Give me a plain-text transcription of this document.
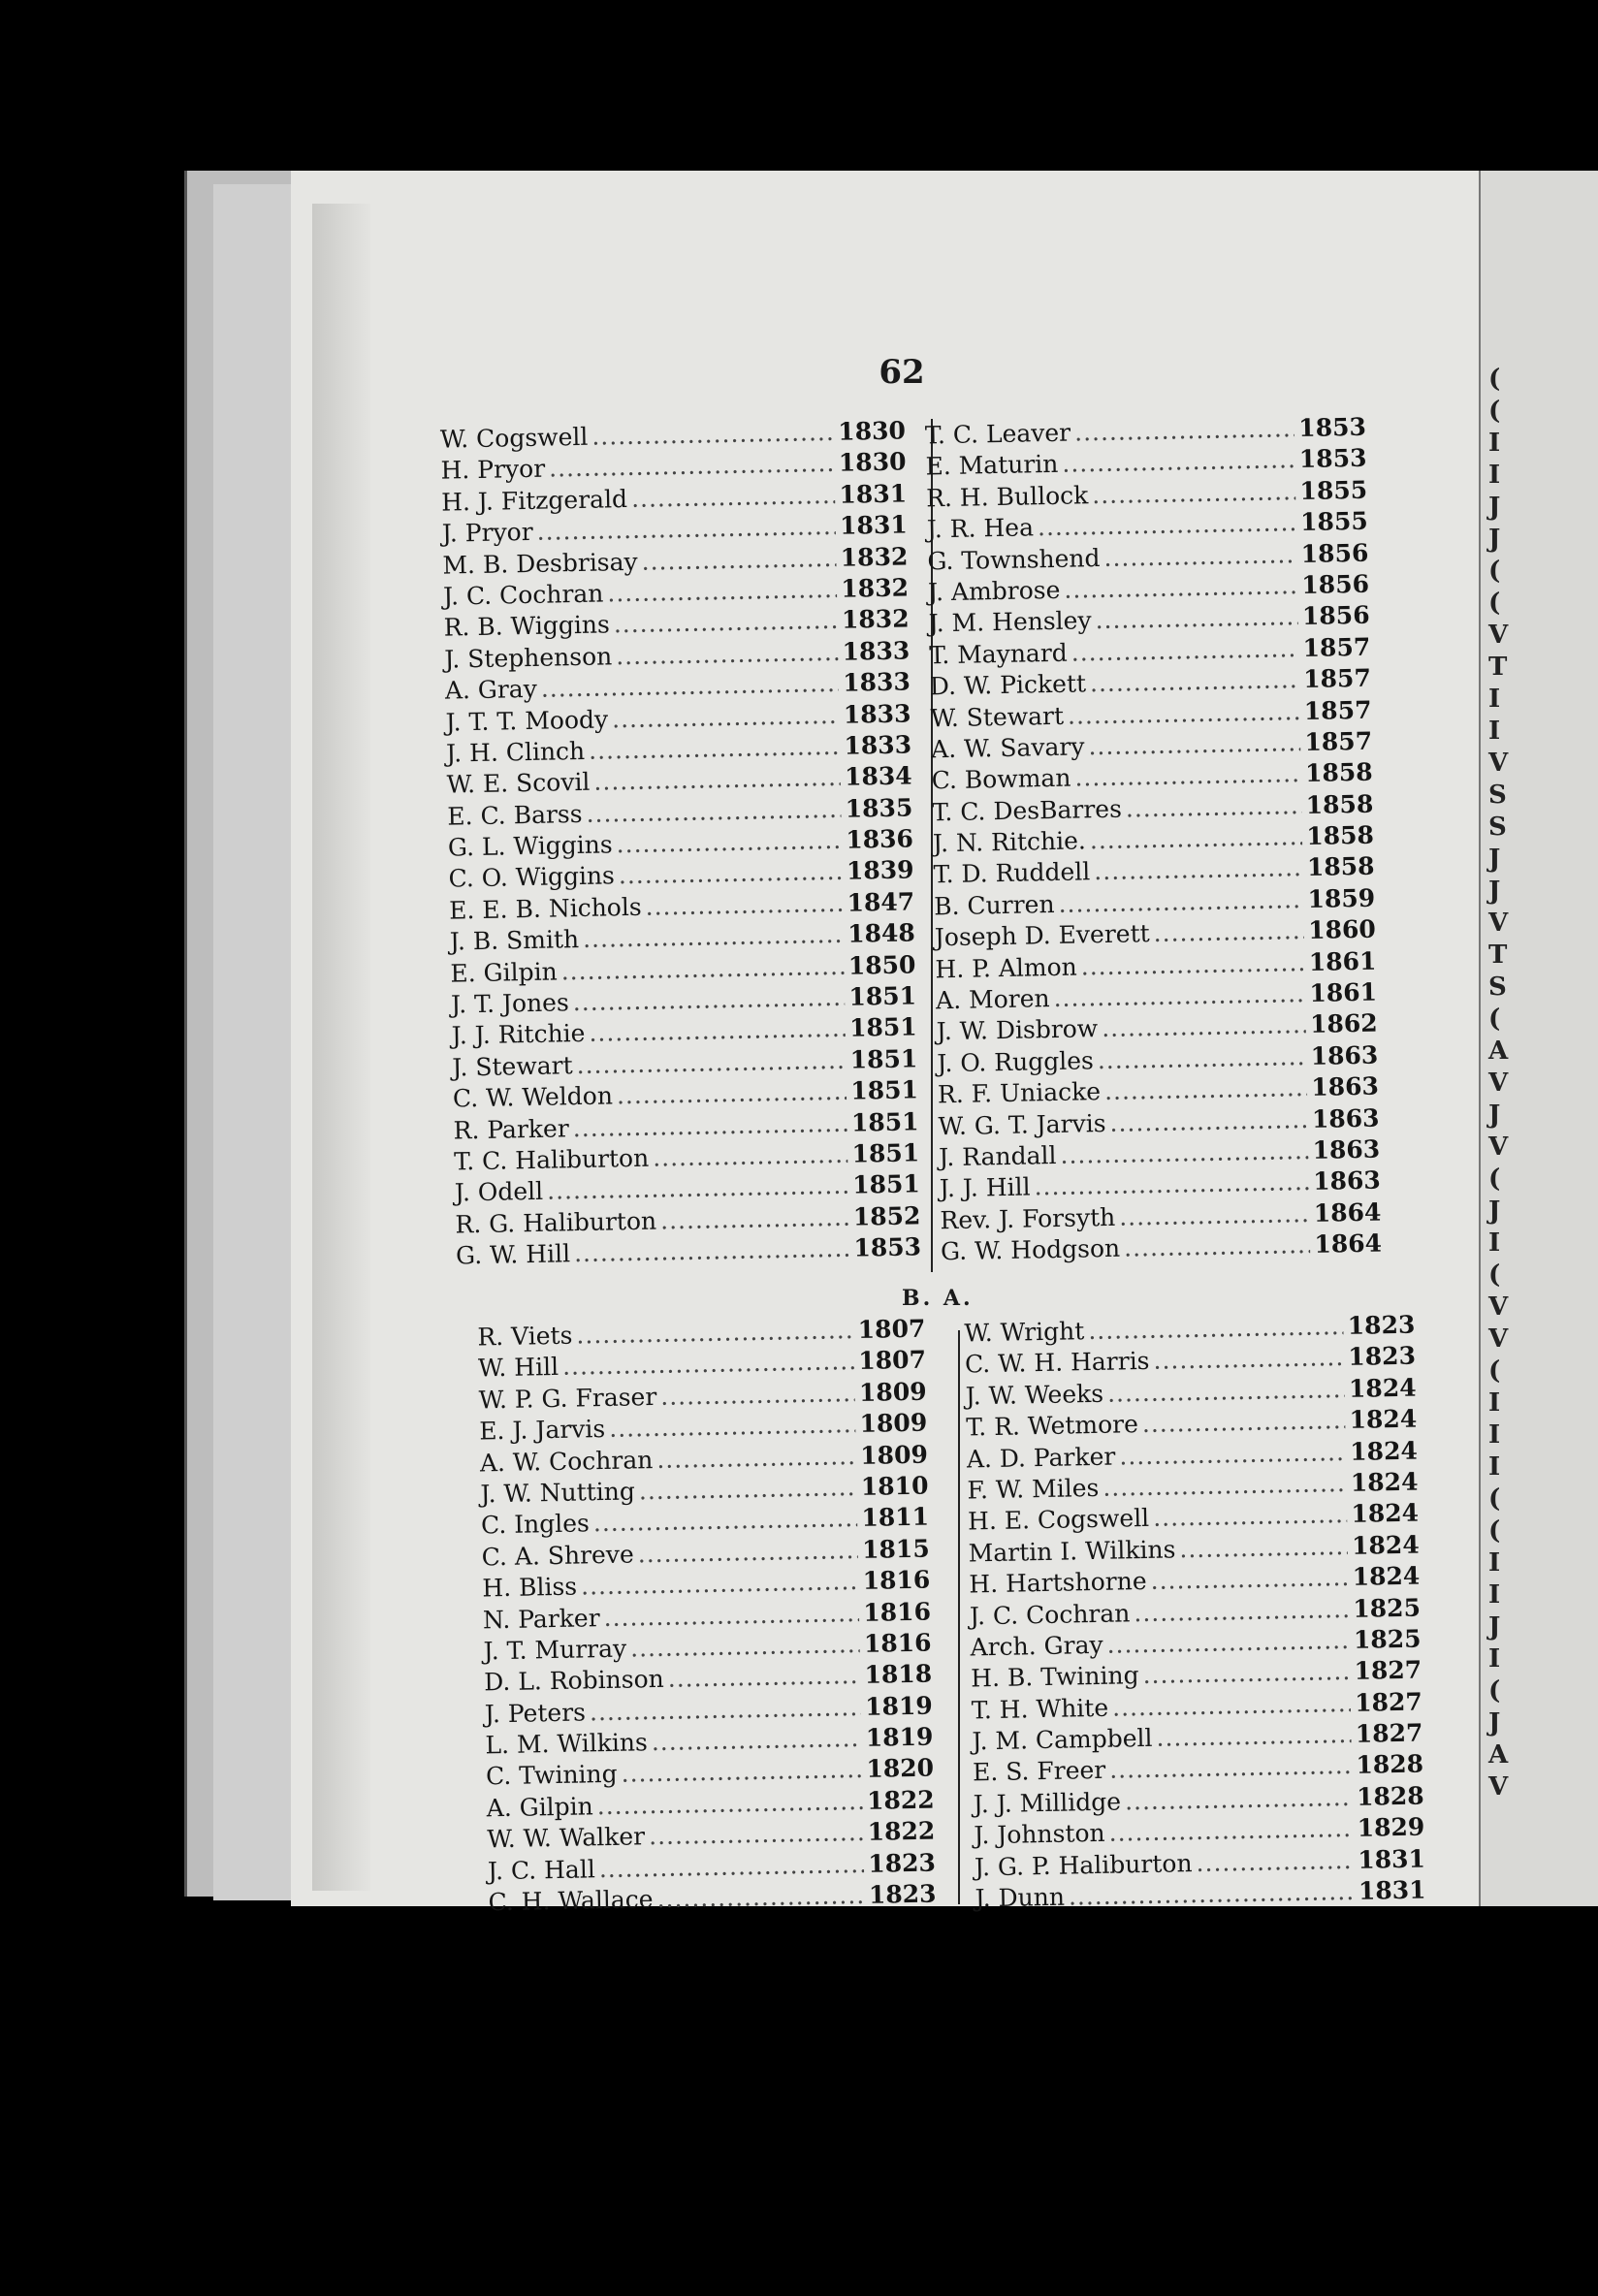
(
(
I
I
J
J
(
(
V
T
I
I
V
S
S
J
J
V
T
S
(
A
V
J
V
(
J
I
(
V
V
(
I
I
I
(
(
I
I
J
I
(
J
A
V
62
W. Cogswell .....	1830
H. Pryor .....	1830
H. J. Fitzgerald .....	1831
J. Pryor .....	1831
M. B. Desbrisay .....	1832
J. C. Cochran .....	1832
R. B. Wiggins .....	1832
J. Stephenson .....	1833
A. Gray .....	1833
J. T. T. Moody .....	1833
J. H. Clinch .....	1833
W. E. Scovil .....	1834
E. C. Barss .....	1835
G. L. Wiggins .....	1836
C. O. Wiggins .....	1839
E. E. B. Nichols .....	1847
J. B. Smith .....	1848
E. Gilpin .....	1850
J. T. Jones .....	1851
J. J. Ritchie .....	1851
J. Stewart .....	1851
C. W. Weldon .....	1851
R. Parker .....	1851
T. C. Haliburton .....	1851
J. Odell .....	1851
R. G. Haliburton .....	1852
G. W. Hill .....	1853
T. C. Leaver .....	1853
E. Maturin .....	1853
R. H. Bullock .....	1855
J. R. Hea .....	1855
G. Townshend .....	1856
J. Ambrose .....	1856
J. M. Hensley .....	1856
T. Maynard .....	1857
D. W. Pickett .....	1857
W. Stewart .....	1857
A. W. Savary .....	1857
C. Bowman .....	1858
T. C. DesBarres .....	1858
J. N. Ritchie. .....	1858
T. D. Ruddell .....	1858
B. Curren .....	1859
Joseph D. Everett .....	1860
H. P. Almon .....	1861
A. Moren .....	1861
J. W. Disbrow .....	1862
J. O. Ruggles .....	1863
R. F. Uniacke .....	1863
W. G. T. Jarvis .....	1863
J. Randall .....	1863
J. J. Hill .....	1863
Rev. J. Forsyth .....	1864
G. W. Hodgson .....	1864
B. A.
R. Viets .....	1807
W. Hill .....	1807
W. P. G. Fraser .....	1809
E. J. Jarvis .....	1809
A. W. Cochran .....	1809
J. W. Nutting .....	1810
C. Ingles .....	1811
C. A. Shreve .....	1815
H. Bliss .....	1816
N. Parker .....	1816
J. T. Murray .....	1816
D. L. Robinson .....	1818
J. Peters .....	1819
L. M. Wilkins .....	1819
C. Twining .....	1820
A. Gilpin .....	1822
W. W. Walker .....	1822
J. C. Hall .....	1823
C. H. Wallace .....	1823
W. Wright .....	1823
C. W. H. Harris .....	1823
J. W. Weeks .....	1824
T. R. Wetmore .....	1824
A. D. Parker .....	1824
F. W. Miles .....	1824
H. E. Cogswell .....	1824
Martin I. Wilkins .....	1824
H. Hartshorne .....	1824
J. C. Cochran .....	1825
Arch. Gray .....	1825
H. B. Twining .....	1827
T. H. White .....	1827
J. M. Campbell .....	1827
E. S. Freer .....	1828
J. J. Millidge .....	1828
J. Johnston .....	1829
J. G. P. Haliburton .....	1831
J. Dunn .....	1831
